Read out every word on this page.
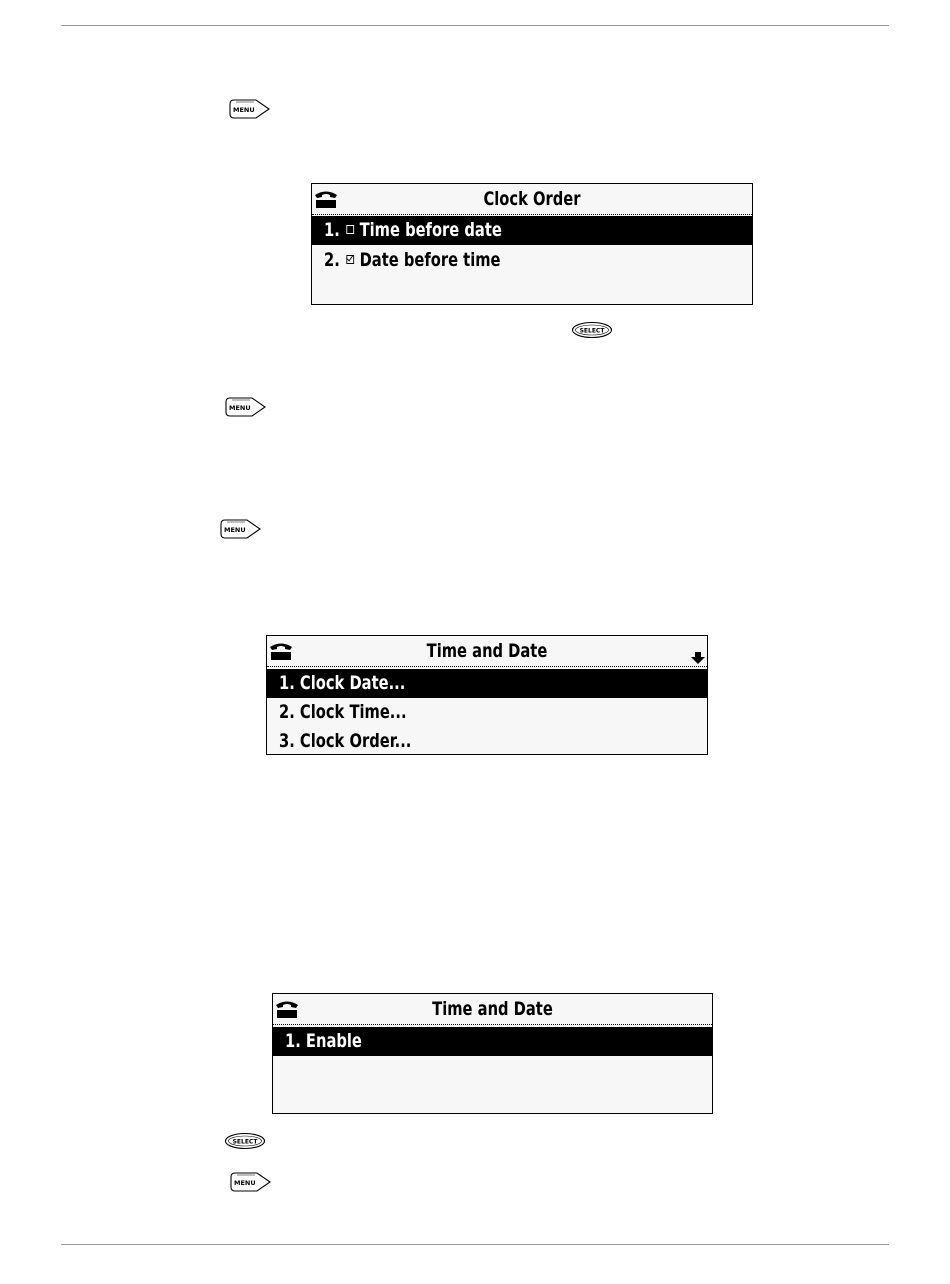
MENU
MENU
MENU
MENU
SELECT
SELECT
Clock Order
1. Time before date
2. Date before time
Time and Date
1. Clock Date...
2. Clock Time...
3. Clock Order...
Time and Date
1. Enable
